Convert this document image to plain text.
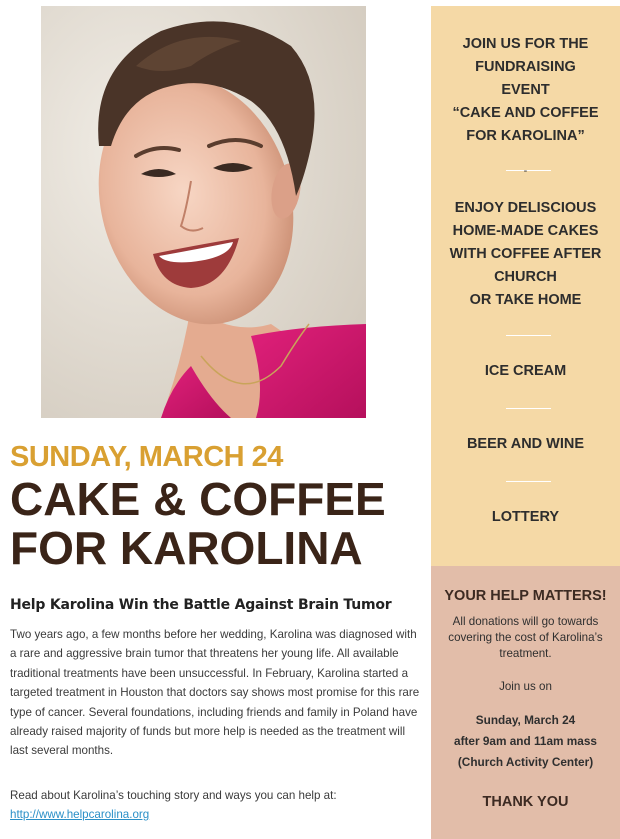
SUNDAY, MARCH 24
CAKE & COFFEE
FOR KAROLINA
Help Karolina Win the Battle Against Brain Tumor

Two years ago, a few months before her wedding, Karolina was diagnosed with a rare and aggressive brain tumor that threatens her young life. All available traditional treatments have been unsuccessful. In February, Karolina started a targeted treatment in Houston that doctors say shows most promise for this rare type of cancer. Several foundations, including friends and family in Poland have already raised majority of funds but more help is needed as the treatment will last several months.

Read about Karolina’s touching story and ways you can help at:
http://www.helpcarolina.org
JOIN US FOR THE
FUNDRAISING
EVENT
“CAKE AND COFFEE
FOR KAROLINA”
-
ENJOY DELISCIOUS
HOME-MADE CAKES
WITH COFFEE AFTER
CHURCH
OR TAKE HOME
ICE CREAM
BEER AND WINE
LOTTERY
YOUR HELP MATTERS!

All donations will go towards covering the cost of Karolina’s treatment.

Join us on

Sunday, March 24
after 9am and 11am mass
(Church Activity Center)

THANK YOU
